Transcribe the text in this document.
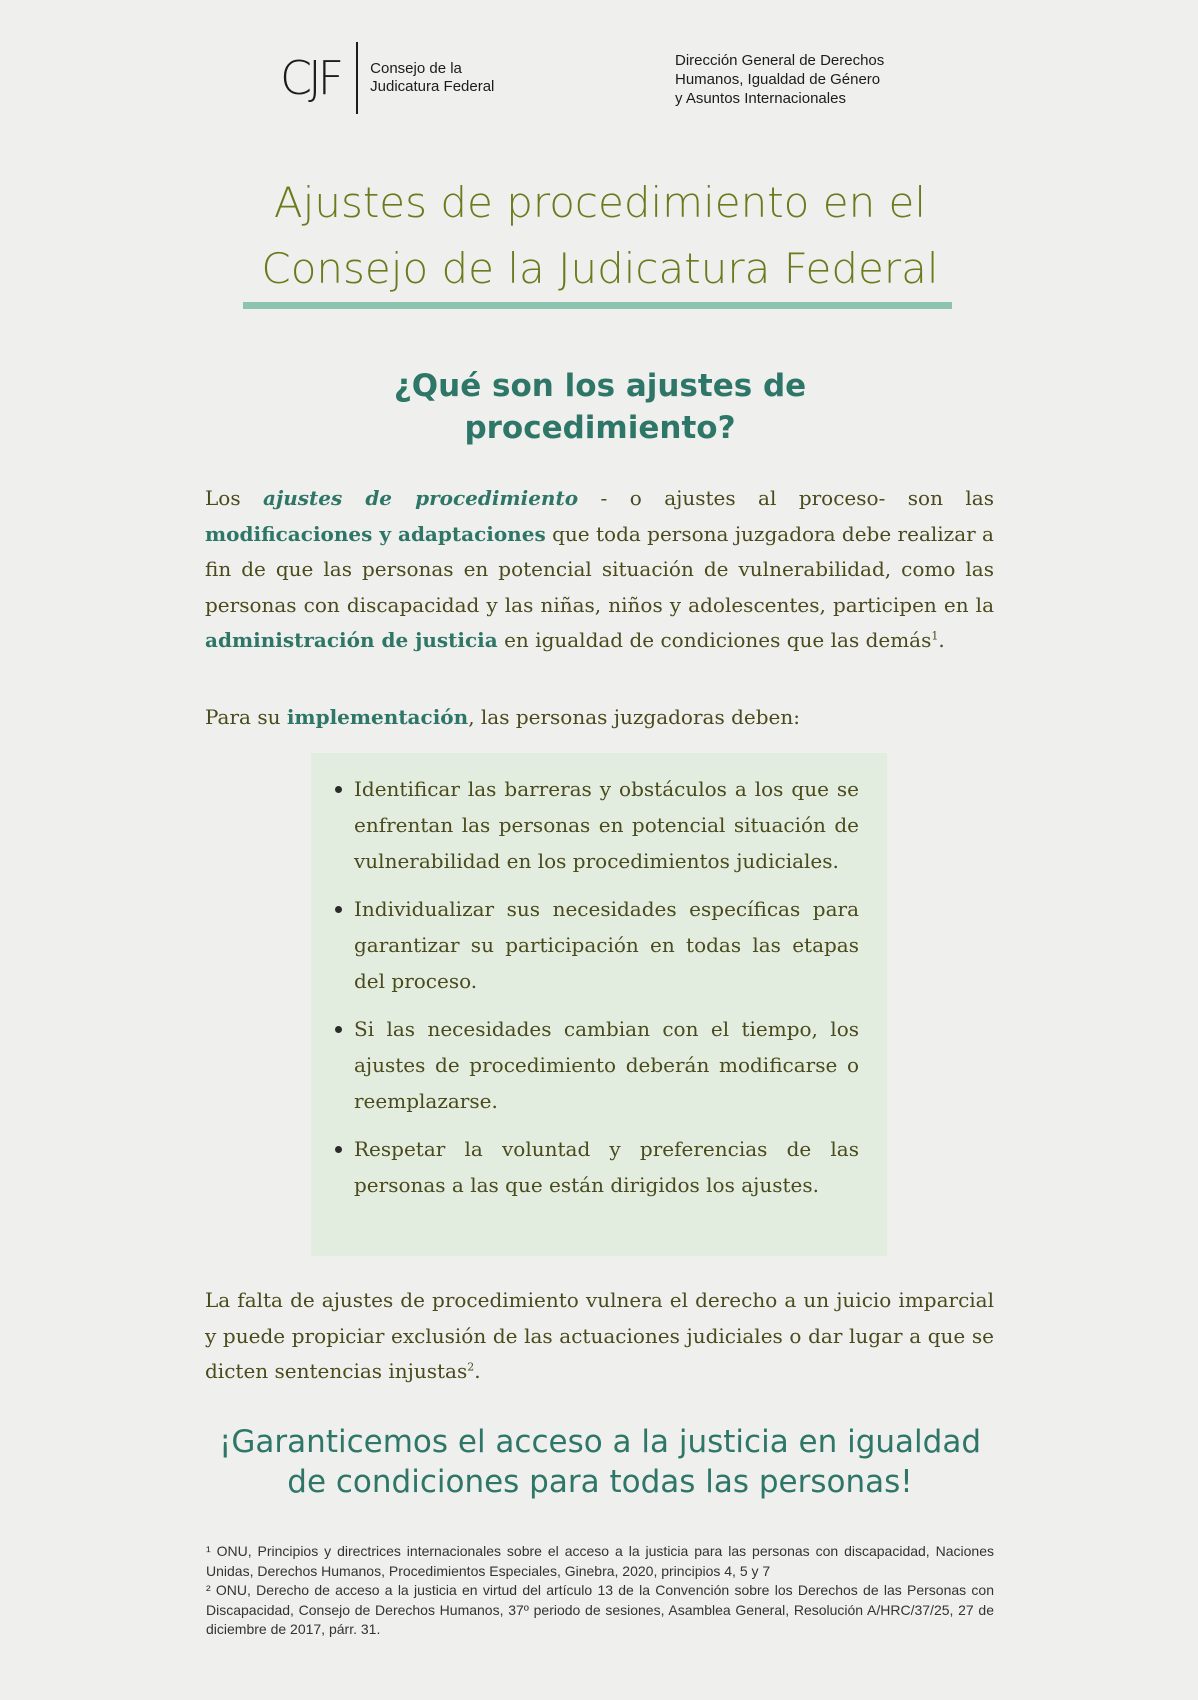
CJF Consejo de la
Judicatura Federal
Dirección General de Derechos
Humanos, Igualdad de Género
y Asuntos Internacionales
Ajustes de procedimiento en el
Consejo de la Judicatura Federal
¿Qué son los ajustes de
procedimiento?

Los ajustes de procedimiento - o ajustes al proceso- son las modificaciones y adaptaciones que toda persona juzgadora debe realizar a fin de que las personas en potencial situación de vulnerabilidad, como las personas con discapacidad y las niñas, niños y adolescentes, participen en la administración de justicia en igualdad de condiciones que las demás$^1$.

Para su implementación, las personas juzgadoras deben:

Identificar las barreras y obstáculos a los que se enfrentan las personas en potencial situación de vulnerabilidad en los procedimientos judiciales.
Individualizar sus necesidades específicas para garantizar su participación en todas las etapas del proceso.
Si las necesidades cambian con el tiempo, los ajustes de procedimiento deberán modificarse o reemplazarse.
Respetar la voluntad y preferencias de las personas a las que están dirigidos los ajustes.

La falta de ajustes de procedimiento vulnera el derecho a un juicio imparcial y puede propiciar exclusión de las actuaciones judiciales o dar lugar a que se dicten sentencias injustas$^2$.

¡Garanticemos el acceso a la justicia en igualdad
de condiciones para todas las personas!

¹ ONU, Principios y directrices internacionales sobre el acceso a la justicia para las personas con discapacidad, Naciones Unidas, Derechos Humanos, Procedimientos Especiales, Ginebra, 2020, principios 4, 5 y 7

² ONU, Derecho de acceso a la justicia en virtud del artículo 13 de la Convención sobre los Derechos de las Personas con Discapacidad, Consejo de Derechos Humanos, 37º periodo de sesiones, Asamblea General, Resolución A/HRC/37/25, 27 de diciembre de 2017, párr. 31.
